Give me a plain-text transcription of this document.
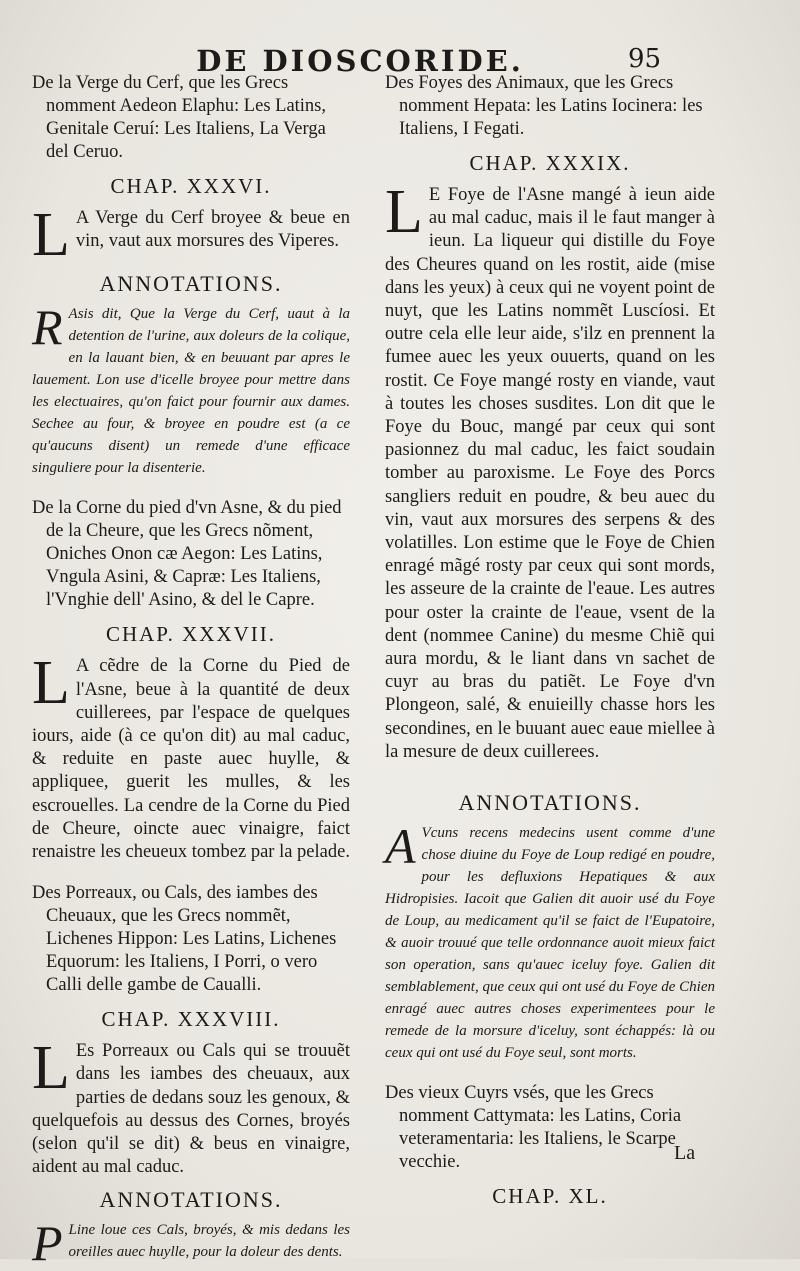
DE DIOSCORIDE.	95

De la Verge du Cerf, que les Grecs nomment Aedeon Elaphu: Les Latins, Genitale Ceruí: Les Italiens, La Verga del Ceruo.

CHAP. XXXVI.

L A Verge du Cerf broyee & beue en vin, vaut aux morsures des Viperes.

ANNOTATIONS.

R Asis dit, Que la Verge du Cerf, uaut à la detention de l'urine, aux doleurs de la colique, en la lauant bien, & en beuuant par apres le lauement. Lon use d'icelle broyee pour mettre dans les electuaires, qu'on faict pour fournir aux dames. Sechee au four, & broyee en poudre est (a ce qu'aucuns disent) un remede d'une efficace singuliere pour la disenterie.

De la Corne du pied d'vn Asne, & du pied de la Cheure, que les Grecs nõment, Oniches Onon cæ Aegon: Les Latins, Vngula Asini, & Capræ: Les Italiens, l'Vnghie dell' Asino, & del le Capre.

CHAP. XXXVII.

L A cẽdre de la Corne du Pied de l'Asne, beue à la quantité de deux cuillerees, par l'espace de quelques iours, aide (à ce qu'on dit) au mal caduc, & reduite en paste auec huylle, & appliquee, guerit les mulles, & les escrouelles. La cendre de la Corne du Pied de Cheure, oincte auec vinaigre, faict renaistre les cheueux tombez par la pelade.

Des Porreaux, ou Cals, des iambes des Cheuaux, que les Grecs nommẽt, Lichenes Hippon: Les Latins, Lichenes Equorum: les Italiens, I Porri, o vero Calli delle gambe de Caualli.

CHAP. XXXVIII.

L Es Porreaux ou Cals qui se trouuẽt dans les iambes des cheuaux, aux parties de dedans souz les genoux, & quelquefois au dessus des Cornes, broyés (selon qu'il se dit) & beus en vinaigre, aident au mal caduc.

ANNOTATIONS.

P Line loue ces Cals, broyés, & mis dedans les oreilles auec huylle, pour la doleur des dents.

Des Foyes des Animaux, que les Grecs nomment Hepata: les Latins Iocinera: les Italiens, I Fegati.

CHAP. XXXIX.

L E Foye de l'Asne mangé à ieun aide au mal caduc, mais il le faut manger à ieun. La liqueur qui distille du Foye des Cheures quand on les rostit, aide (mise dans les yeux) à ceux qui ne voyent point de nuyt, que les Latins nommẽt Luscíosi. Et outre cela elle leur aide, s'ilz en prennent la fumee auec les yeux ouuerts, quand on les rostit. Ce Foye mangé rosty en viande, vaut à toutes les choses susdites. Lon dit que le Foye du Bouc, mangé par ceux qui sont pasionnez du mal caduc, les faict soudain tomber au paroxisme. Le Foye des Porcs sangliers reduit en poudre, & beu auec du vin, vaut aux morsures des serpens & des volatilles. Lon estime que le Foye de Chien enragé mãgé rosty par ceux qui sont mords, les asseure de la crainte de l'eaue. Les autres pour oster la crainte de l'eaue, vsent de la dent (nommee Canine) du mesme Chiẽ qui aura mordu, & le liant dans vn sachet de cuyr au bras du patiẽt. Le Foye d'vn Plongeon, salé, & enuieilly chasse hors les secondines, en le buuant auec eaue miellee à la mesure de deux cuillerees.

ANNOTATIONS.

A Vcuns recens medecins usent comme d'une chose diuine du Foye de Loup redigé en poudre, pour les defluxions Hepatiques & aux Hidropisies. Iacoit que Galien dit auoir usé du Foye de Loup, au medicament qu'il se faict de l'Eupatoire, & auoir trouué que telle ordonnance auoit mieux faict son operation, sans qu'auec iceluy foye. Galien dit semblablement, que ceux qui ont usé du Foye de Chien enragé auec autres choses experimentees pour le remede de la morsure d'iceluy, sont échappés: là ou ceux qui ont usé du Foye seul, sont morts.

Des vieux Cuyrs vsés, que les Grecs nomment Cattymata: les Latins, Coria veteramentaria: les Italiens, le Scarpe vecchie.

CHAP. XL.
La
